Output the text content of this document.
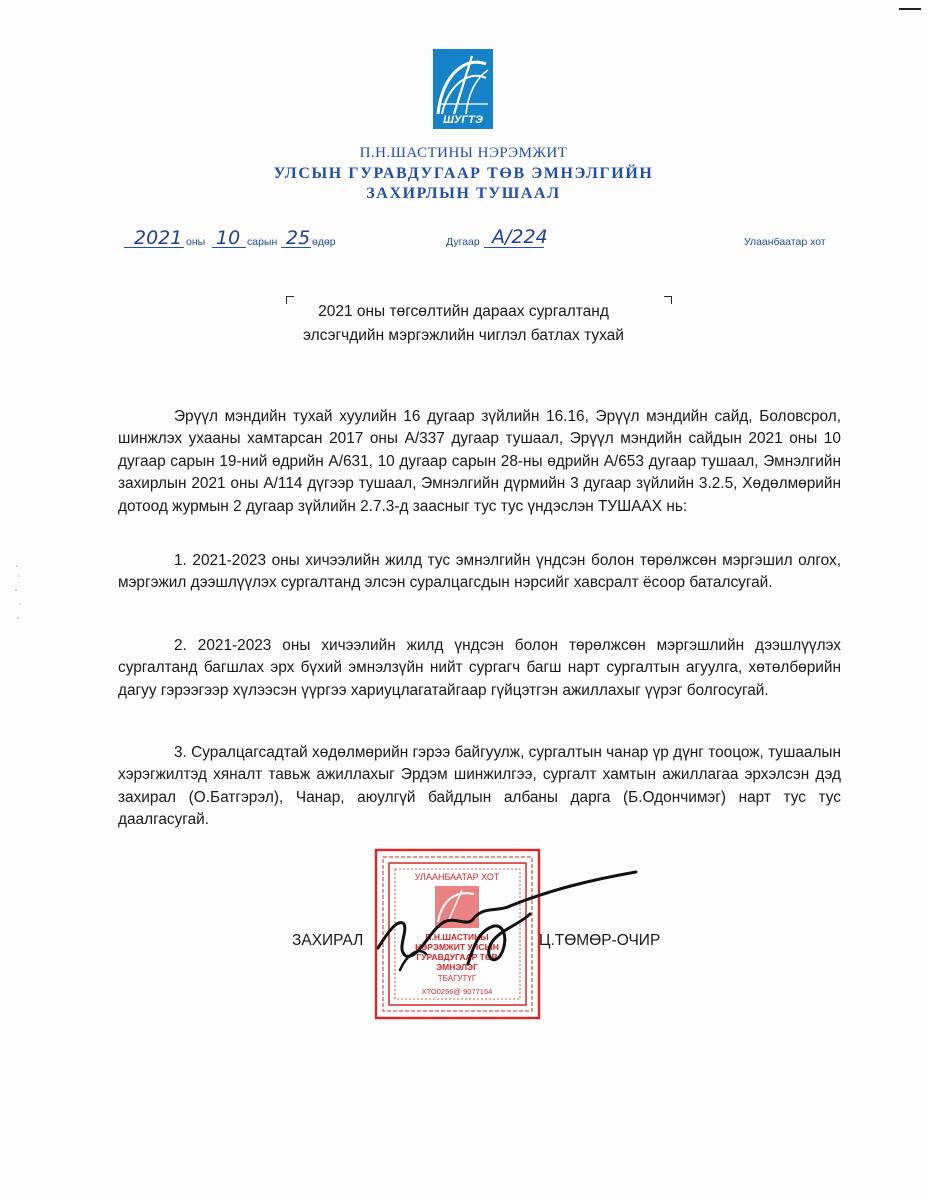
ШУГТЭ
П.Н.ШАСТИНЫ НЭРЭМЖИТ
УЛСЫН ГУРАВДУГААР ТӨВ ЭМНЭЛГИЙН
ЗАХИРЛЫН ТУШААЛ
2021 оны 10 сарын 25 өдөр	Дугаар А/224	Улаанбаатар хот
2021 оны төгсөлтийн дараах сургалтанд
элсэгчдийн мэргэжлийн чиглэл батлах тухай

Эрүүл мэндийн тухай хуулийн 16 дугаар зүйлийн 16.16, Эрүүл мэндийн сайд, Боловсрол, шинжлэх ухааны хамтарсан 2017 оны А/337 дугаар тушаал, Эрүүл мэндийн сайдын 2021 оны 10 дугаар сарын 19-ний өдрийн А/631, 10 дугаар сарын 28-ны өдрийн А/653 дугаар тушаал, Эмнэлгийн захирлын 2021 оны А/114 дүгээр тушаал, Эмнэлгийн дүрмийн 3 дугаар зүйлийн 3.2.5, Хөдөлмөрийн дотоод журмын 2 дугаар зүйлийн 2.7.3-д заасныг тус тус үндэслэн ТУШААХ нь:

1. 2021-2023 оны хичээлийн жилд тус эмнэлгийн үндсэн болон төрөлжсөн мэргэшил олгох, мэргэжил дээшлүүлэх сургалтанд элсэн суралцагсдын нэрсийг хавсралт ёсоор баталсугай.

2. 2021-2023 оны хичээлийн жилд үндсэн болон төрөлжсөн мэргэшлийн дээшлүүлэх сургалтанд багшлах эрх бүхий эмнэлзүйн нийт сургагч багш нарт сургалтын агуулга, хөтөлбөрийн дагуу гэрээгээр хүлээсэн үүргээ хариуцлагатайгаар гүйцэтгэн ажиллахыг үүрэг болгосугай.

3. Суралцагсадтай хөдөлмөрийн гэрээ байгуулж, сургалтын чанар үр дүнг тооцож, тушаалын хэрэгжилтэд хяналт тавьж ажиллахыг Эрдэм шинжилгээ, сургалт хамтын ажиллагаа эрхэлсэн дэд захирал (О.Батгэрэл), Чанар, аюулгүй байдлын албаны дарга (Б.Одончимэг) нарт тус тус даалгасугай.

УЛААНБААТАР ХОТ
П.Н.ШАСТИНЫ
НЭРЭМЖИТ УЛСЫН
ГУРАВДУГААР ТӨВ
ЭМНЭЛЭГ
ТБАГУТҮГ
ХТО0256@ 9077154
ЗАХИРАЛ	Ц.ТӨМӨР-ОЧИР
